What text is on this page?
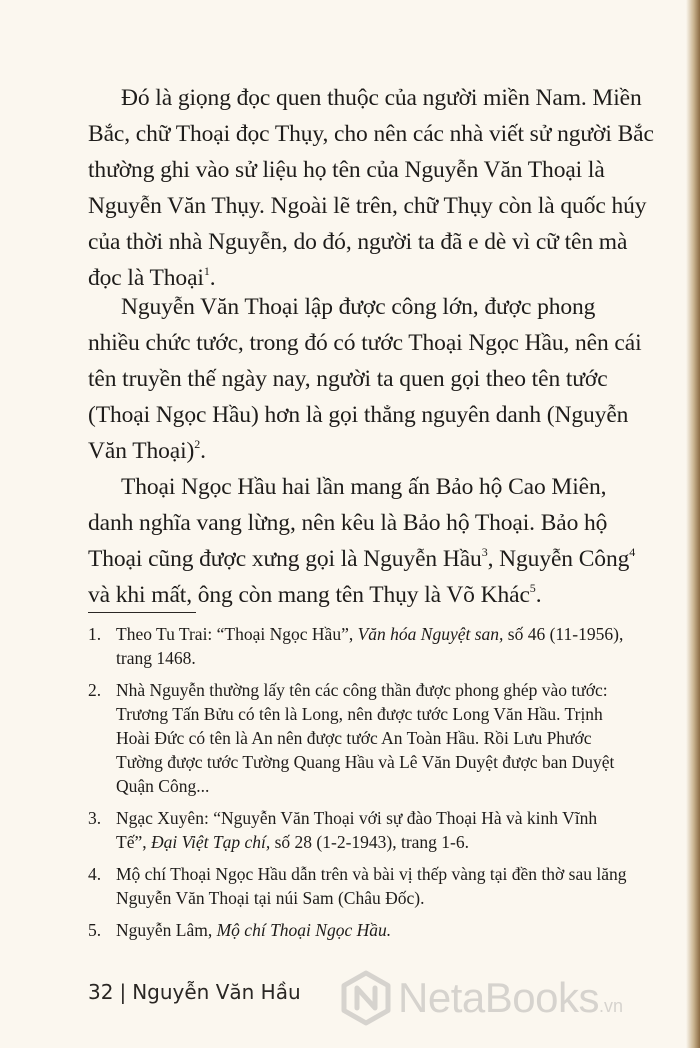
Đó là giọng đọc quen thuộc của người miền Nam. Miền
Bắc, chữ Thoại đọc Thụy, cho nên các nhà viết sử người Bắc
thường ghi vào sử liệu họ tên của Nguyễn Văn Thoại là
Nguyễn Văn Thụy. Ngoài lẽ trên, chữ Thụy còn là quốc húy
của thời nhà Nguyễn, do đó, người ta đã e dè vì cữ tên mà
đọc là Thoại$^1$.
Nguyễn Văn Thoại lập được công lớn, được phong
nhiều chức tước, trong đó có tước Thoại Ngọc Hầu, nên cái
tên truyền thế ngày nay, người ta quen gọi theo tên tước
(Thoại Ngọc Hầu) hơn là gọi thẳng nguyên danh (Nguyễn
Văn Thoại)$^2$.
Thoại Ngọc Hầu hai lần mang ấn Bảo hộ Cao Miên,
danh nghĩa vang lừng, nên kêu là Bảo hộ Thoại. Bảo hộ
Thoại cũng được xưng gọi là Nguyễn Hầu$^3$, Nguyễn Công$^4$
và khi mất, ông còn mang tên Thụy là Võ Khác$^5$.
1. Theo Tu Trai: “Thoại Ngọc Hầu”, Văn hóa Nguyệt san, số 46 (11-1956),
trang 1468.
2. Nhà Nguyễn thường lấy tên các công thần được phong ghép vào tước:
Trương Tấn Bửu có tên là Long, nên được tước Long Văn Hầu. Trịnh
Hoài Đức có tên là An nên được tước An Toàn Hầu. Rồi Lưu Phước
Tường được tước Tường Quang Hầu và Lê Văn Duyệt được ban Duyệt
Quận Công...
3. Ngạc Xuyên: “Nguyễn Văn Thoại với sự đào Thoại Hà và kinh Vĩnh
Tế”, Đại Việt Tạp chí, số 28 (1-2-1943), trang 1-6.
4. Mộ chí Thoại Ngọc Hầu dẫn trên và bài vị thếp vàng tại đền thờ sau lăng
Nguyễn Văn Thoại tại núi Sam (Châu Đốc).
5. Nguyễn Lâm, Mộ chí Thoại Ngọc Hầu.
32 | Nguyễn Văn Hầu NetaBooks.vn
